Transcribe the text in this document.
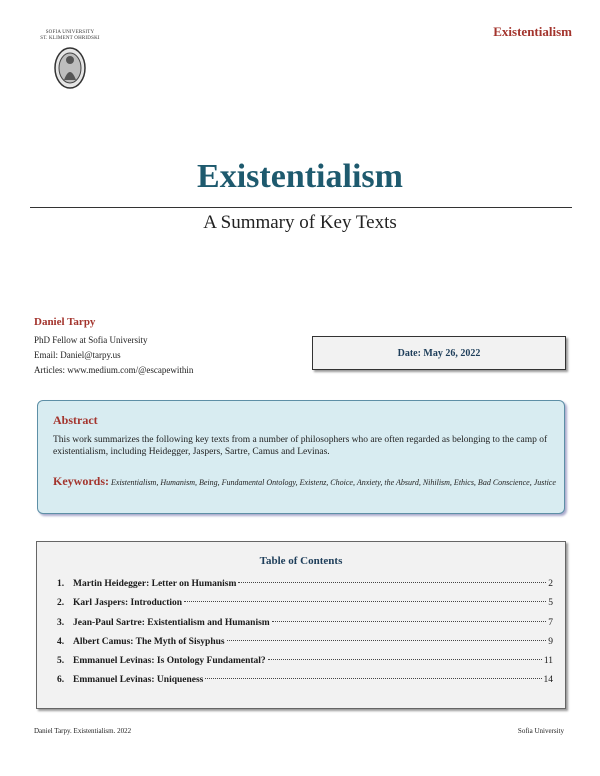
Existentialism
SOFIA UNIVERSITY
ST. KLIMENT OHRIDSKI
Existentialism
A Summary of Key Texts
Daniel Tarpy
PhD Fellow at Sofia University
Email: Daniel@tarpy.us
Articles: www.medium.com/@escapewithin
Date: May 26, 2022
Abstract
This work summarizes the following key texts from a number of philosophers who are often regarded as belonging to the camp of existentialism, including Heidegger, Jaspers, Sartre, Camus and Levinas.
Keywords: Existentialism, Humanism, Being, Fundamental Ontology, Existenz, Choice, Anxiety, the Absurd, Nihilism, Ethics, Bad Conscience, Justice
Table of Contents
1. Martin Heidegger: Letter on Humanism	2
2. Karl Jaspers: Introduction	5
3. Jean-Paul Sartre: Existentialism and Humanism	7
4. Albert Camus: The Myth of Sisyphus	9
5. Emmanuel Levinas: Is Ontology Fundamental?	11
6. Emmanuel Levinas: Uniqueness	14
Daniel Tarpy. Existentialism. 2022	Sofia University
